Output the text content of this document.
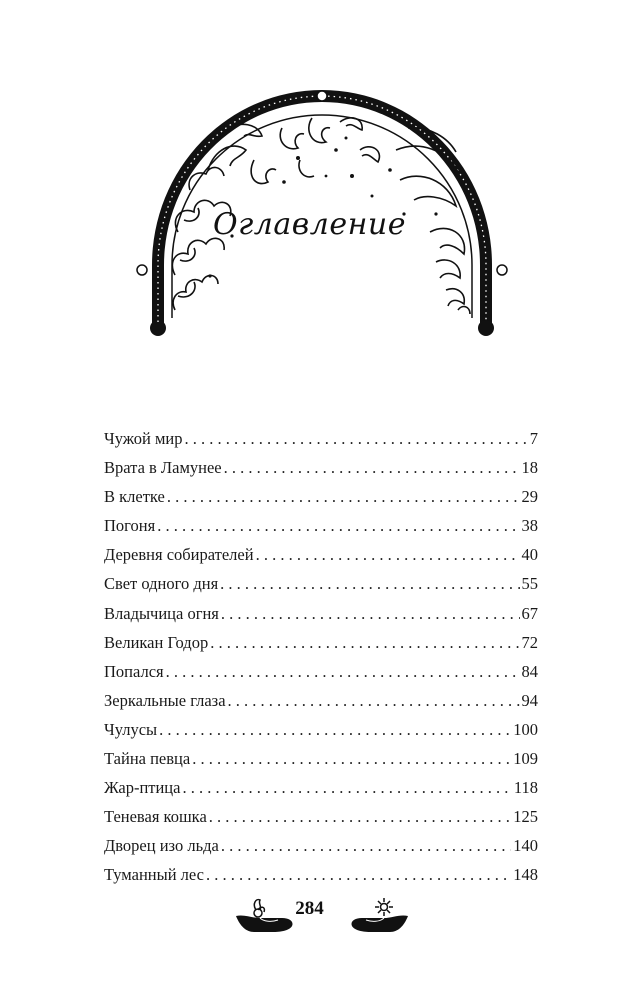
Оглавление
Чужой мир . . .	7
Врата в Ламунее . . .	18
В клетке . . .	29
Погоня . . .	38
Деревня собирателей . . .	40
Свет одного дня . . .	55
Владычица огня . . .	67
Великан Годор . . .	72
Попался . . .	84
Зеркальные глаза . . .	94
Чулусы . . .	100
Тайна певца . . .	109
Жар-птица . . .	118
Теневая кошка . . .	125
Дворец изо льда . . .	140
Туманный лес . . .	148
284
